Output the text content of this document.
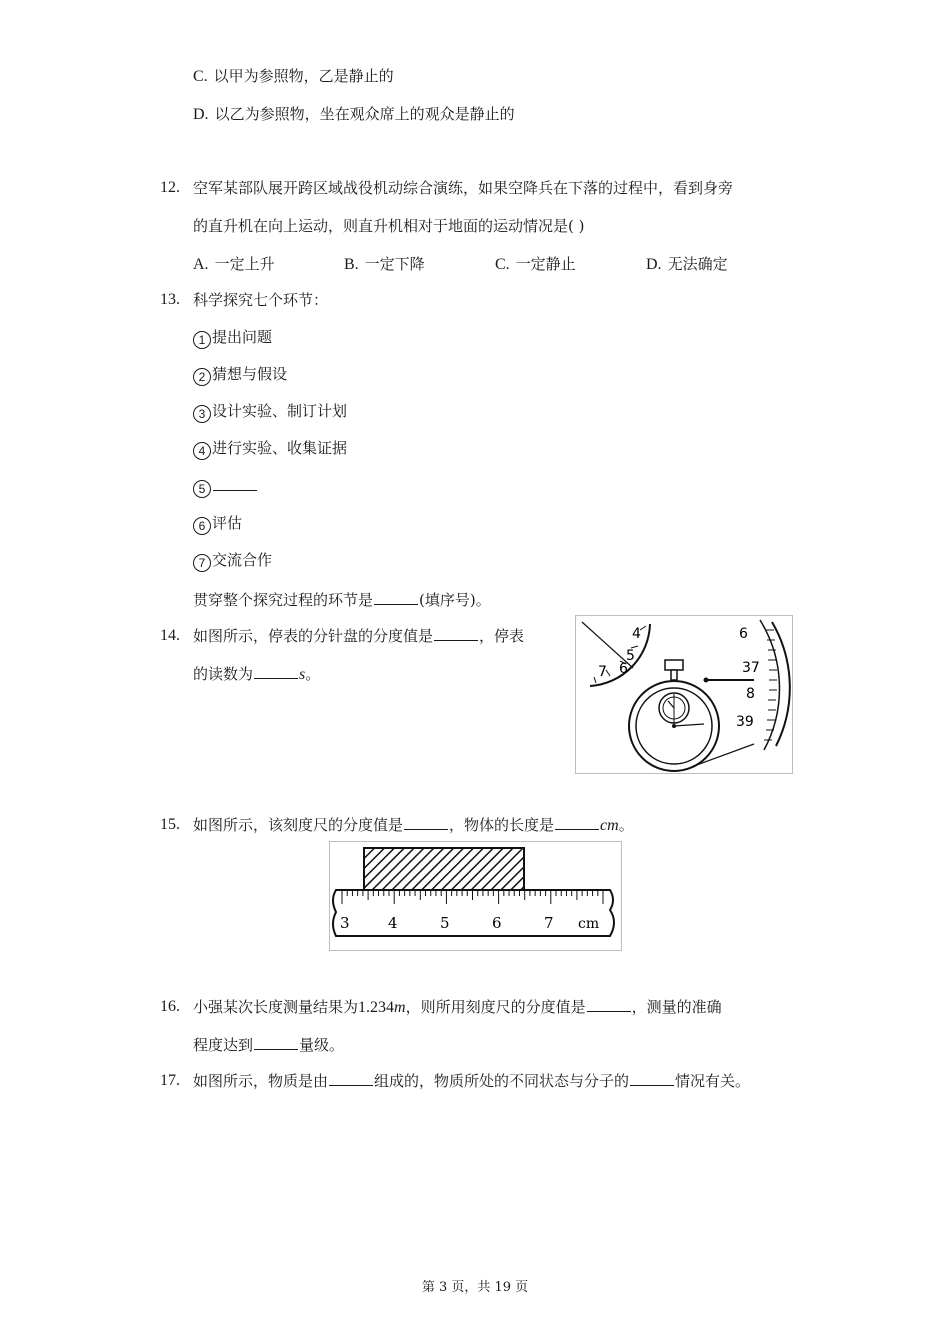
C. 以甲为参照物，乙是静止的
D. 以乙为参照物，坐在观众席上的观众是静止的
12. 空军某部队展开跨区域战役机动综合演练，如果空降兵在下落的过程中，看到身旁
的直升机在向上运动，则直升机相对于地面的运动情况是( )
A. 一定上升	B. 一定下降	C. 一定静止	D. 无法确定
13. 科学探究七个环节：
1 提出问题
2 猜想与假设
3 设计实验、制订计划
4 进行实验、收集证据
5
6 评估
7 交流合作
贯穿整个探究过程的环节是	(填序号)。
14. 如图所示，停表的分针盘的分度值是	，停表
的读数为	s。
4
5
6
7
6
37
8
39
15. 如图所示，该刻度尺的分度值是	，物体的长度是	cm。
3	4	5	6	7 cm
16. 小强某次长度测量结果为1.234m，则所用刻度尺的分度值是	，测量的准确
程度达到	量级。
17. 如图所示，物质是由	组成的，物质所处的不同状态与分子的	情况有关。
第 3 页，共 19 页
